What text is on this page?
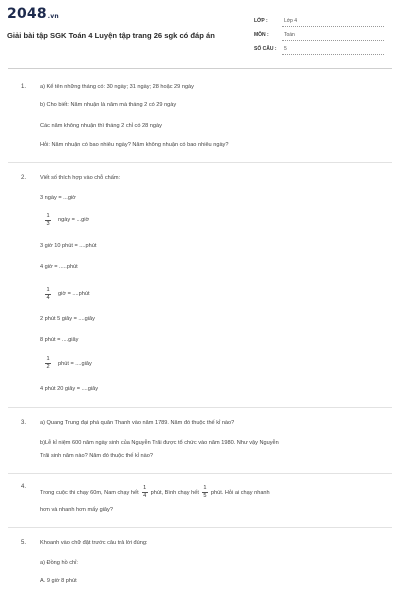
2048.vn
Giải bài tập SGK Toán 4 Luyện tập trang 26 sgk có đáp án
LỚP :	Lớp 4
MÔN :	Toán
SỐ CÂU : 5
1. a) Kể tên những tháng có: 30 ngày; 31 ngày; 28 hoặc 29 ngày
b) Cho biết: Năm nhuận là năm mà tháng 2 có 29 ngày
Các năm không nhuận thì tháng 2 chỉ có 28 ngày
Hỏi: Năm nhuận có bao nhiêu ngày? Năm không nhuận có bao nhiêu ngày?
2. Viết số thích hợp vào chỗ chấm:
3 ngày = ...giờ
$\frac{1}{3}$ ngày = ...giờ
3 giờ 10 phút = ....phút
4 giờ = .....phút
$\frac{1}{4}$ giờ = ....phút
2 phút 5 giây = ....giây
8 phút = ....giây
$\frac{1}{2}$ phút = ....giây
4 phút 20 giây = ....giây
3. a) Quang Trung đại phá quân Thanh vào năm 1789. Năm đó thuộc thế kỉ nào?
b)Lễ kỉ niệm 600 năm ngày sinh của Nguyễn Trãi được tổ chức vào năm 1980. Như vậy Nguyễn
Trãi sinh năm nào? Năm đó thuộc thế kỉ nào?
4.
Trong cuộc thi chạy 60m, Nam chạy hết $\frac{1}{4}$ phút, Bình chạy hết $\frac{1}{5}$ phút. Hỏi ai chạy nhanh
hơn và nhanh hơn mấy giây?
5. Khoanh vào chữ đặt trước câu trả lời đúng:
a) Đồng hồ chỉ:
A. 9 giờ 8 phút
